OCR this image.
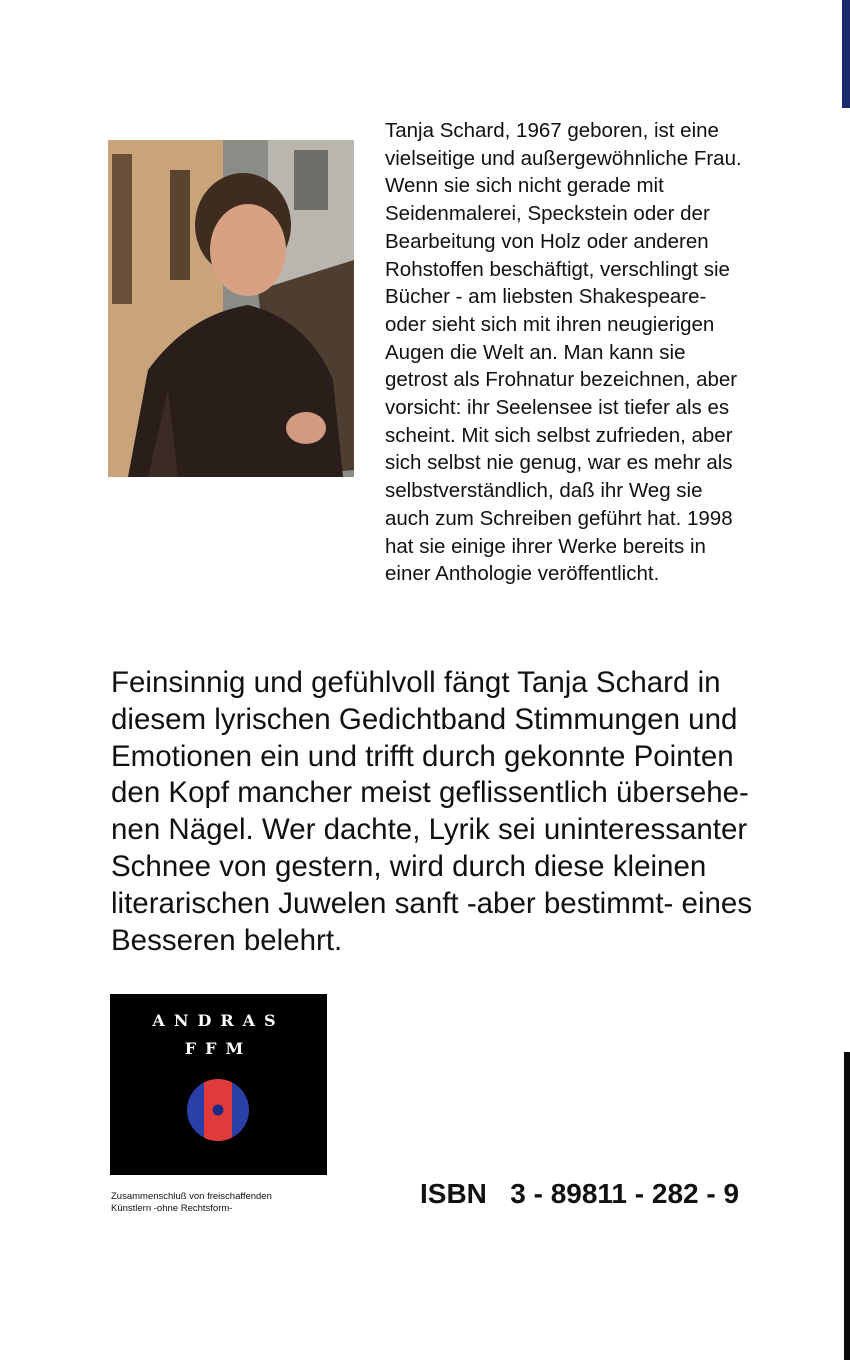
Tanja Schard, 1967 geboren, ist eine
vielseitige und außergewöhnliche Frau.
Wenn sie sich nicht gerade mit
Seidenmalerei, Speckstein oder der
Bearbeitung von Holz oder anderen
Rohstoffen beschäftigt, verschlingt sie
Bücher - am liebsten Shakespeare-
oder sieht sich mit ihren neugierigen
Augen die Welt an. Man kann sie
getrost als Frohnatur bezeichnen, aber
vorsicht: ihr Seelensee ist tiefer als es
scheint. Mit sich selbst zufrieden, aber
sich selbst nie genug, war es mehr als
selbstverständlich, daß ihr Weg sie
auch zum Schreiben geführt hat. 1998
hat sie einige ihrer Werke bereits in
einer Anthologie veröffentlicht.

Feinsinnig und gefühlvoll fängt Tanja Schard in
diesem lyrischen Gedichtband Stimmungen und
Emotionen ein und trifft durch gekonnte Pointen
den Kopf mancher meist geflissentlich übersehe-
nen Nägel. Wer dachte, Lyrik sei uninteressanter
Schnee von gestern, wird durch diese kleinen
literarischen Juwelen sanft -aber bestimmt- eines
Besseren belehrt.

ANDRAS
FFM

Zusammenschluß von freischaffenden
Künstlern -ohne Rechtsform-	ISBN   3 - 89811 - 282 - 9
